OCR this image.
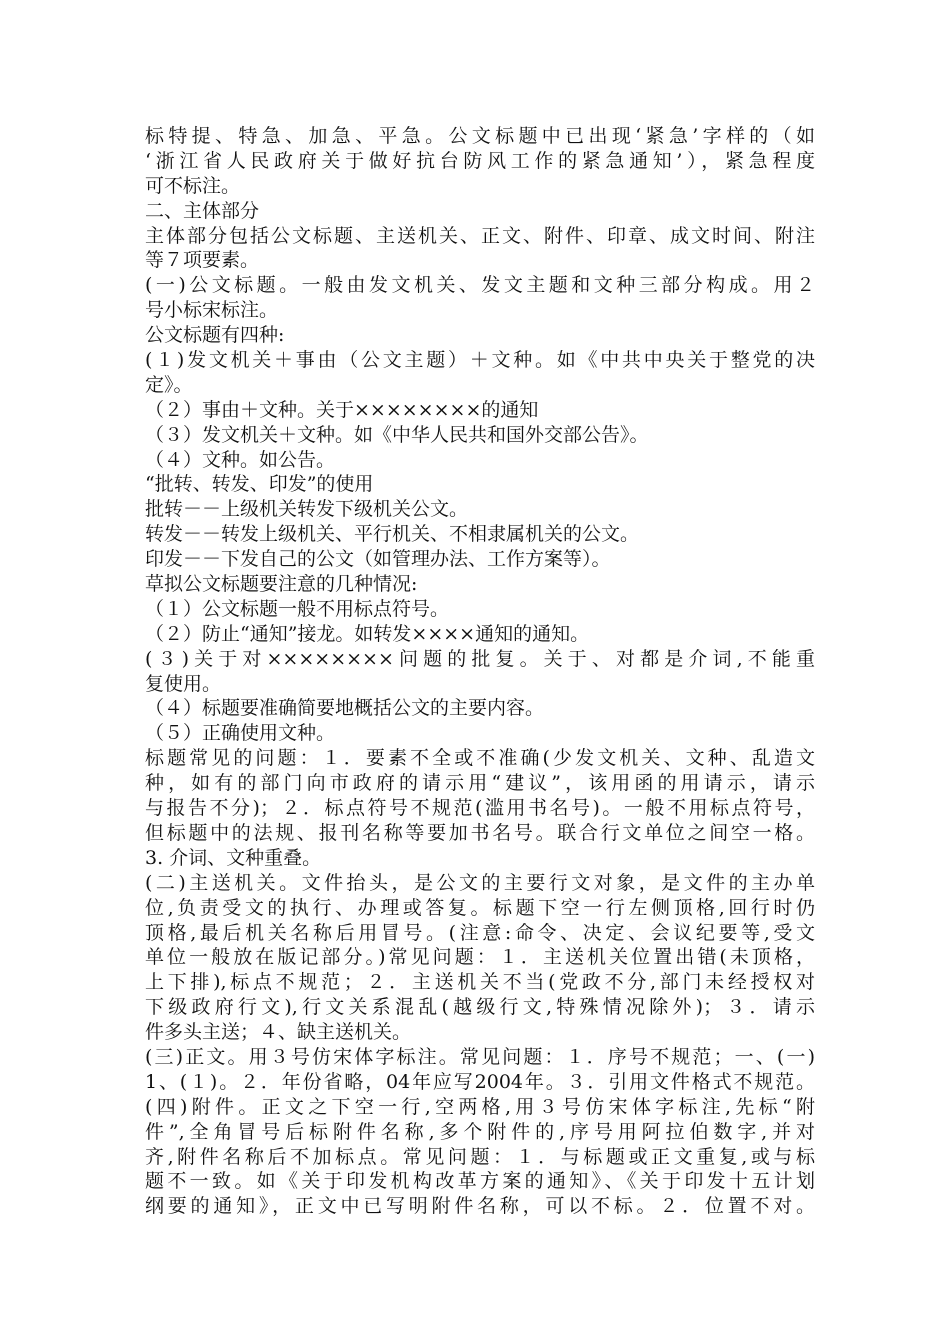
标特提、特急、加急、平急。公文标题中已出现‘紧急’字样的（如
‘浙江省人民政府关于做好抗台防风工作的紧急通知’），紧急程度
可不标注。
二、主体部分
主体部分包括公文标题、主送机关、正文、附件、印章、成文时间、附注
等７项要素。
(一)公文标题。一般由发文机关、发文主题和文种三部分构成。用２
号小标宋标注。
公文标题有四种:
(１)发文机关＋事由（公文主题）＋文种。如《中共中央关于整党的决
定》。
（２）事由＋文种。关于××××××××的通知
（３）发文机关＋文种。如《中华人民共和国外交部公告》。
（４）文种。如公告。
“批转、转发、印发”的使用
批转－－上级机关转发下级机关公文。
转发－－转发上级机关、平行机关、不相隶属机关的公文。
印发－－下发自己的公文（如管理办法、工作方案等）。
草拟公文标题要注意的几种情况:
（１）公文标题一般不用标点符号。
（２）防止“通知”接龙。如转发××××通知的通知。
(３)关于对××××××××问题的批复。关于、对都是介词,不能重
复使用。
（４）标题要准确简要地概括公文的主要内容。
（５）正确使用文种。
标题常见的问题：１．要素不全或不准确(少发文机关、文种、乱造文
种，如有的部门向市政府的请示用“建议”，该用函的用请示，请示
与报告不分)；２．标点符号不规范(滥用书名号)。一般不用标点符号，
但标题中的法规、报刊名称等要加书名号。联合行文单位之间空一格。
3. 介词、文种重叠。
(二)主送机关。文件抬头，是公文的主要行文对象，是文件的主办单
位,负责受文的执行、办理或答复。标题下空一行左侧顶格,回行时仍
顶格,最后机关名称后用冒号。(注意:命令、决定、会议纪要等,受文
单位一般放在版记部分。)常见问题：１．主送机关位置出错(未顶格，
上下排),标点不规范；２．主送机关不当(党政不分,部门未经授权对
下级政府行文),行文关系混乱(越级行文,特殊情况除外)；３．请示
件多头主送；４、缺主送机关。
(三)正文。用３号仿宋体字标注。常见问题：１．序号不规范；一、(一)
1、(１)。２．年份省略，04年应写2004年。３．引用文件格式不规范。
(四)附件。正文之下空一行,空两格,用３号仿宋体字标注,先标“附
件”,全角冒号后标附件名称,多个附件的,序号用阿拉伯数字,并对
齐,附件名称后不加标点。常见问题：１．与标题或正文重复,或与标
题不一致。如《关于印发机构改革方案的通知》、《关于印发十五计划
纲要的通知》，正文中已写明附件名称，可以不标。２．位置不对。
